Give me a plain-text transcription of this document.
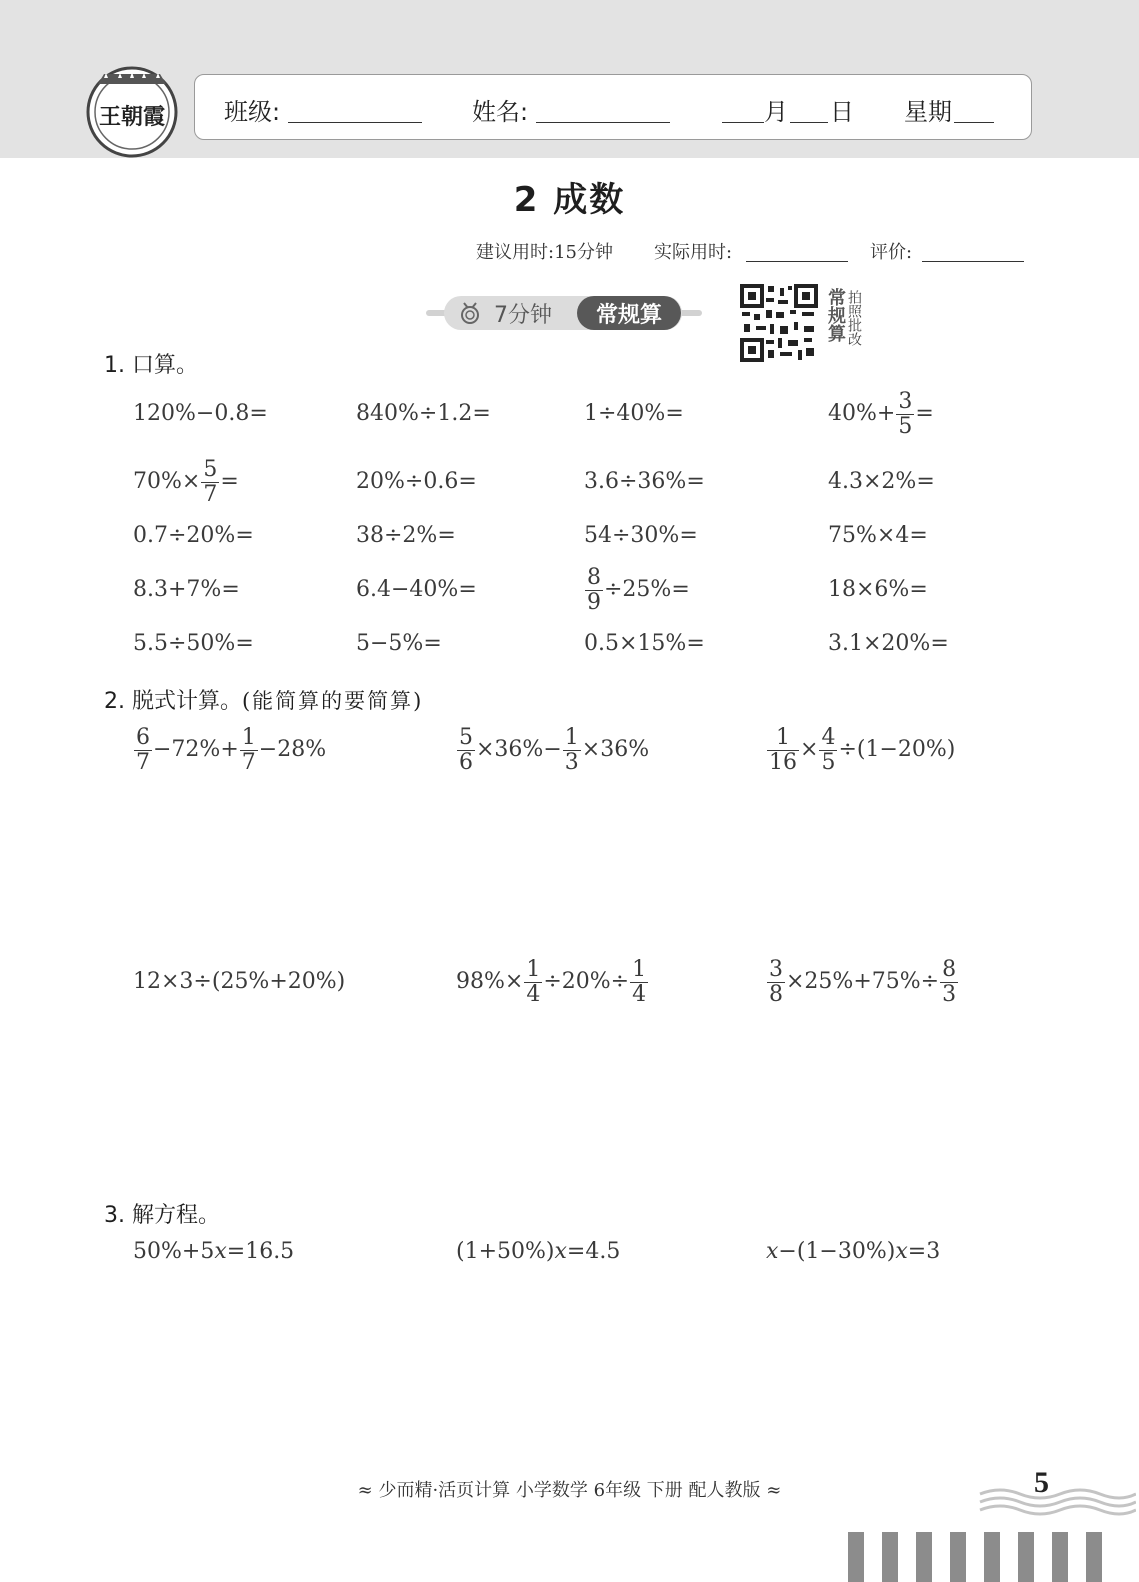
王朝霞	班级:	姓名:	月 日 星期
2 成数
建议用时:15分钟 实际用时:	评价:
7分钟	常规算	常规算 拍照批改
1. 口算。
120%−0.8=	840%÷1.2=	1÷40%=	$40\%+ \frac{3}{5}$ =
$70\%\times \frac{5}{7}$ =	20%÷0.6=	3.6÷36%=	4.3×2%=
0.7÷20%=	38÷2%=	54÷30%=	75%×4=
8.3+7%=	6.4−40%=	$\frac{8}{9} \div 25\%=$	18×6%=
5.5÷50%=	5−5%=	0.5×15%=	3.1×20%=
2. 脱式计算。(能简算的要简算)
$\frac{6}{7} -72\%+ \frac{1}{7} -28\%$	$\frac{5}{6} \times 36\%- \frac{1}{3} \times 36\%$	$\frac{1}{16} \times \frac{4}{5} \div(1-20\%)$
12×3÷(25%+20%)	$98\%\times \frac{1}{4} \div 20\%\div \frac{1}{4}$	$\frac{3}{8} \times 25\%+75\%\div \frac{8}{3}$
3. 解方程。
50%+5 x =16.5	(1+50%) x =4.5	x −(1−30%) x =3
≈ 少而精·活页计算 小学数学 6年级 下册 配人教版 ≈	5
